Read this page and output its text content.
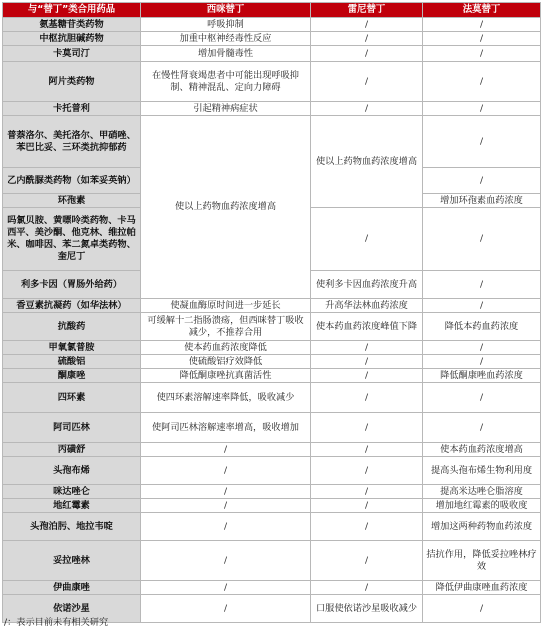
与“替丁”类合用药品	西咪替丁	雷尼替丁	法莫替丁
氨基糖苷类药物	呼吸抑制	/	/
中枢抗胆碱药物	加重中枢神经毒性反应	/	/
卡莫司汀	增加骨髓毒性	/	/
阿片类药物	在慢性肾衰竭患者中可能出现呼吸抑制、精神混乱、定向力障碍	/	/
卡托普利	引起精神病症状	/	/
普萘洛尔、美托洛尔、甲硝唑、苯巴比妥、三环类抗抑郁药	使以上药物血药浓度增高	使以上药物血药浓度增高	/
乙内酰脲类药物（如苯妥英钠）			/
环孢素			增加环孢素血药浓度
吗氯贝胺、黄嘌呤类药物、卡马西平、美沙酮、他克林、维拉帕米、咖啡因、苯二氮卓类药物、奎尼丁		/	/
利多卡因（胃肠外给药）		使利多卡因血药浓度升高	/
香豆素抗凝药（如华法林）	使凝血酶原时间进一步延长	升高华法林血药浓度	/
抗酸药	可缓解十二指肠溃疡，但西咪替丁吸收减少，不推荐合用	使本药血药浓度峰值下降	降低本药血药浓度
甲氧氯普胺	使本药血药浓度降低	/	/
硫酸铝	使硫酸铝疗效降低	/	/
酮康唑	降低酮康唑抗真菌活性	/	降低酮康唑血药浓度
四环素	使四环素溶解速率降低，吸收减少	/	/
阿司匹林	使阿司匹林溶解速率增高，吸收增加	/	/
丙磺舒	/	/	使本药血药浓度增高
头孢布烯	/	/	提高头孢布烯生物利用度
咪达唑仑	/	/	提高米达唑仑脂溶度
地红霉素	/	/	增加地红霉素的吸收度
头孢泊肟、地拉韦啶	/	/	增加这两种药物血药浓度
妥拉唑林	/	/	拮抗作用，降低妥拉唑林疗效
伊曲康唑	/	/	降低伊曲康唑血药浓度
依诺沙星	/	口服使依诺沙星吸收减少	/
/：表示目前未有相关研究
